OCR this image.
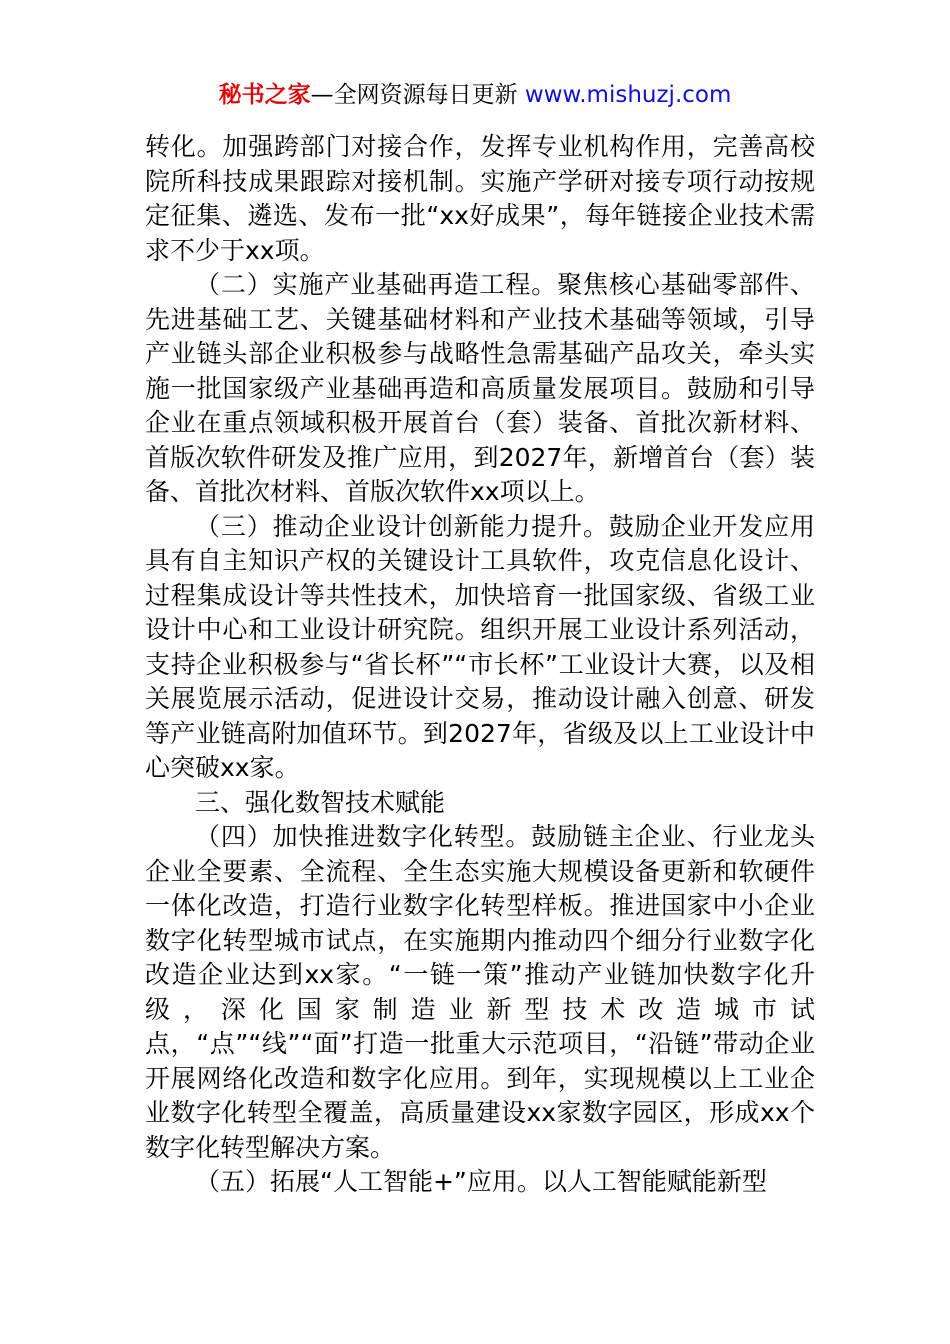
秘书之家—全网资源每日更新 www.mishuzj.com

转化。加强跨部门对接合作，发挥专业机构作用，完善高校院所科技成果跟踪对接机制。实施产学研对接专项行动按规定征集、遴选、发布一批“xx好成果”，每年链接企业技术需求不少于xx项。

（二）实施产业基础再造工程。聚焦核心基础零部件、先进基础工艺、关键基础材料和产业技术基础等领域，引导产业链头部企业积极参与战略性急需基础产品攻关，牵头实施一批国家级产业基础再造和高质量发展项目。鼓励和引导企业在重点领域积极开展首台（套）装备、首批次新材料、首版次软件研发及推广应用，到2027年，新增首台（套）装备、首批次材料、首版次软件xx项以上。

（三）推动企业设计创新能力提升。鼓励企业开发应用具有自主知识产权的关键设计工具软件，攻克信息化设计、过程集成设计等共性技术，加快培育一批国家级、省级工业设计中心和工业设计研究院。组织开展工业设计系列活动，支持企业积极参与“省长杯”“市长杯”工业设计大赛，以及相关展览展示活动，促进设计交易，推动设计融入创意、研发等产业链高附加值环节。到2027年，省级及以上工业设计中心突破xx家。

三、强化数智技术赋能

（四）加快推进数字化转型。鼓励链主企业、行业龙头企业全要素、全流程、全生态实施大规模设备更新和软硬件一体化改造，打造行业数字化转型样板。推进国家中小企业数字化转型城市试点，在实施期内推动四个细分行业数字化改造企业达到xx家。“一链一策”推动产业链加快数字化升级，深化国家制造业新型技术改造城市试点，“点”“线”“面”打造一批重大示范项目，“沿链”带动企业开展网络化改造和数字化应用。到年，实现规模以上工业企业数字化转型全覆盖，高质量建设xx家数字园区，形成xx个数字化转型解决方案。

（五）拓展“人工智能+”应用。以人工智能赋能新型
